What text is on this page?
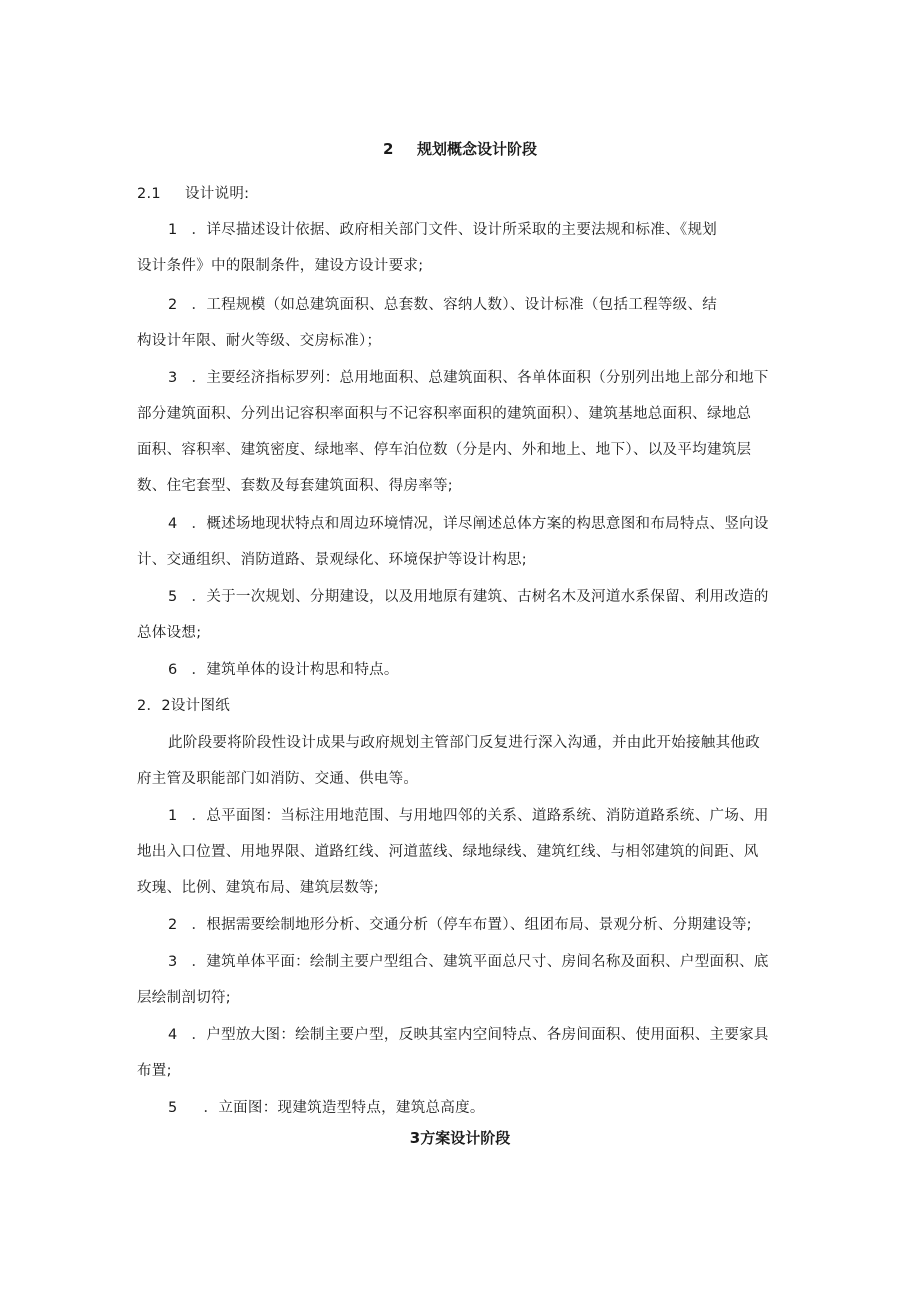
2 规划概念设计阶段
2.1 设计说明:
1 ．详尽描述设计依据、政府相关部门文件、设计所采取的主要法规和标准、《规划
设计条件》中的限制条件，建设方设计要求;
2 ．工程规模（如总建筑面积、总套数、容纳人数）、设计标准（包括工程等级、结
构设计年限、耐火等级、交房标准）；
3 ．主要经济指标罗列：总用地面积、总建筑面积、各单体面积（分别列出地上部分和地下
部分建筑面积、分列出记容积率面积与不记容积率面积的建筑面积）、建筑基地总面积、绿地总
面积、容积率、建筑密度、绿地率、停车泊位数（分是内、外和地上、地下）、以及平均建筑层
数、住宅套型、套数及每套建筑面积、得房率等;
4 ．概述场地现状特点和周边环境情况，详尽阐述总体方案的构思意图和布局特点、竖向设
计、交通组织、消防道路、景观绿化、环境保护等设计构思;
5 ．关于一次规划、分期建设，以及用地原有建筑、古树名木及河道水系保留、利用改造的
总体设想;
6 ．建筑单体的设计构思和特点。
2．2设计图纸
此阶段要将阶段性设计成果与政府规划主管部门反复进行深入沟通，并由此开始接触其他政
府主管及职能部门如消防、交通、供电等。
1 ．总平面图：当标注用地范围、与用地四邻的关系、道路系统、消防道路系统、广场、用
地出入口位置、用地界限、道路红线、河道蓝线、绿地绿线、建筑红线、与相邻建筑的间距、风
玫瑰、比例、建筑布局、建筑层数等;
2 ．根据需要绘制地形分析、交通分析（停车布置）、组团布局、景观分析、分期建设等;
3 ．建筑单体平面：绘制主要户型组合、建筑平面总尺寸、房间名称及面积、户型面积、底
层绘制剖切符;
4 ．户型放大图：绘制主要户型，反映其室内空间特点、各房间面积、使用面积、主要家具
布置;
5 ．立面图：现建筑造型特点，建筑总高度。
3方案设计阶段
